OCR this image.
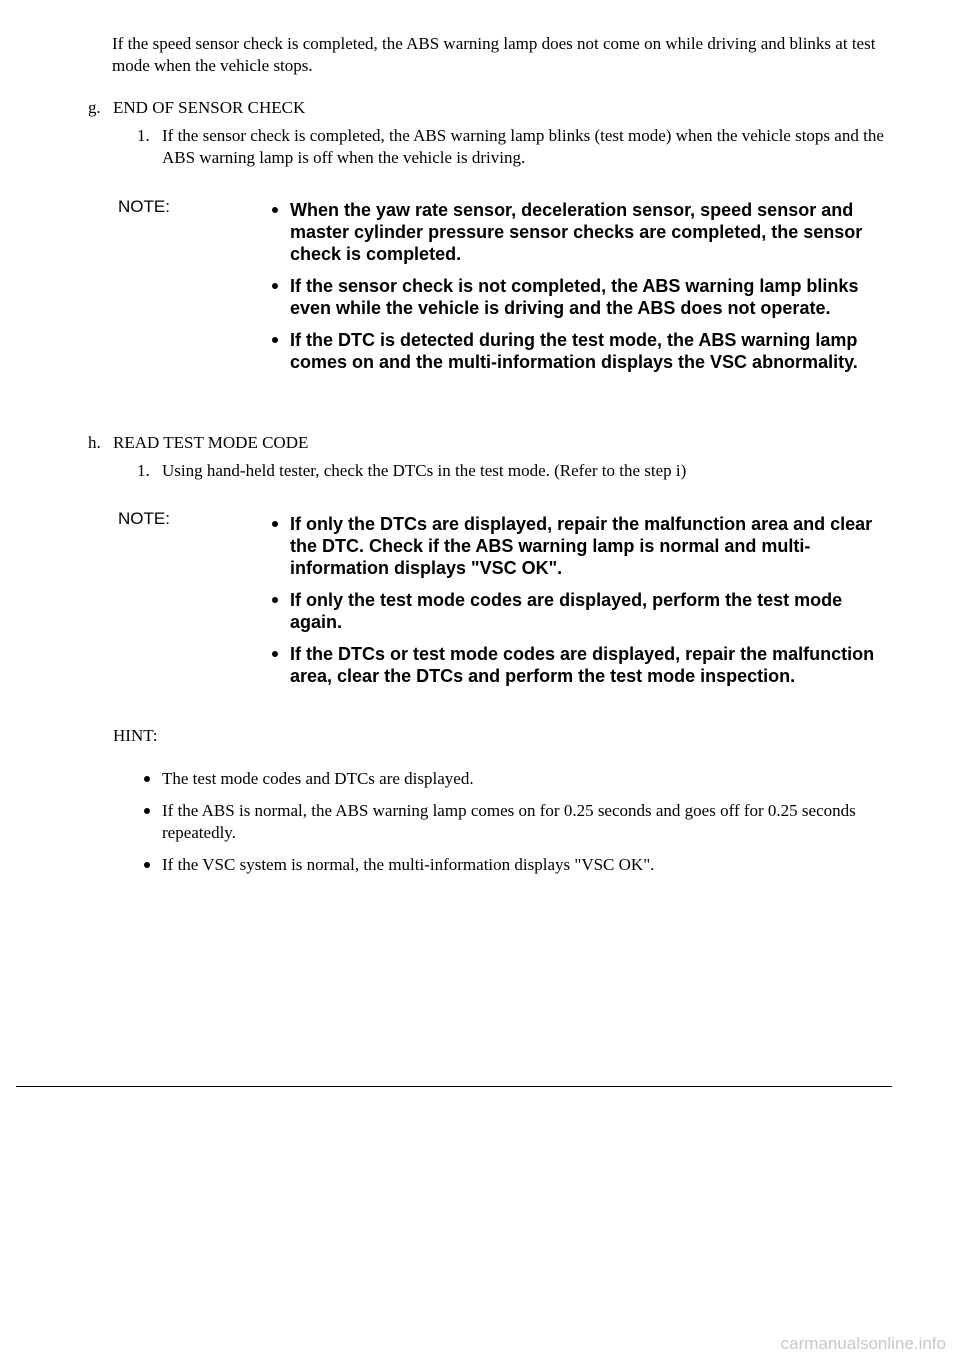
If the speed sensor check is completed, the ABS warning lamp does not come on while driving and blinks at test mode when the vehicle stops.
g. END OF SENSOR CHECK
1. If the sensor check is completed, the ABS warning lamp blinks (test mode) when the vehicle stops and the ABS warning lamp is off when the vehicle is driving.
NOTE:	When the yaw rate sensor, deceleration sensor, speed sensor and master cylinder pressure sensor checks are completed, the sensor check is completed.
If the sensor check is not completed, the ABS warning lamp blinks even while the vehicle is driving and the ABS does not operate.
If the DTC is detected during the test mode, the ABS warning lamp comes on and the multi-information displays the VSC abnormality.
h. READ TEST MODE CODE
1. Using hand-held tester, check the DTCs in the test mode. (Refer to the step i)
NOTE:	If only the DTCs are displayed, repair the malfunction area and clear the DTC. Check if the ABS warning lamp is normal and multi-information displays "VSC OK".
If only the test mode codes are displayed, perform the test mode again.
If the DTCs or test mode codes are displayed, repair the malfunction area, clear the DTCs and perform the test mode inspection.
HINT:
The test mode codes and DTCs are displayed.
If the ABS is normal, the ABS warning lamp comes on for 0.25 seconds and goes off for 0.25 seconds repeatedly.
If the VSC system is normal, the multi-information displays "VSC OK".
carmanualsonline.info
